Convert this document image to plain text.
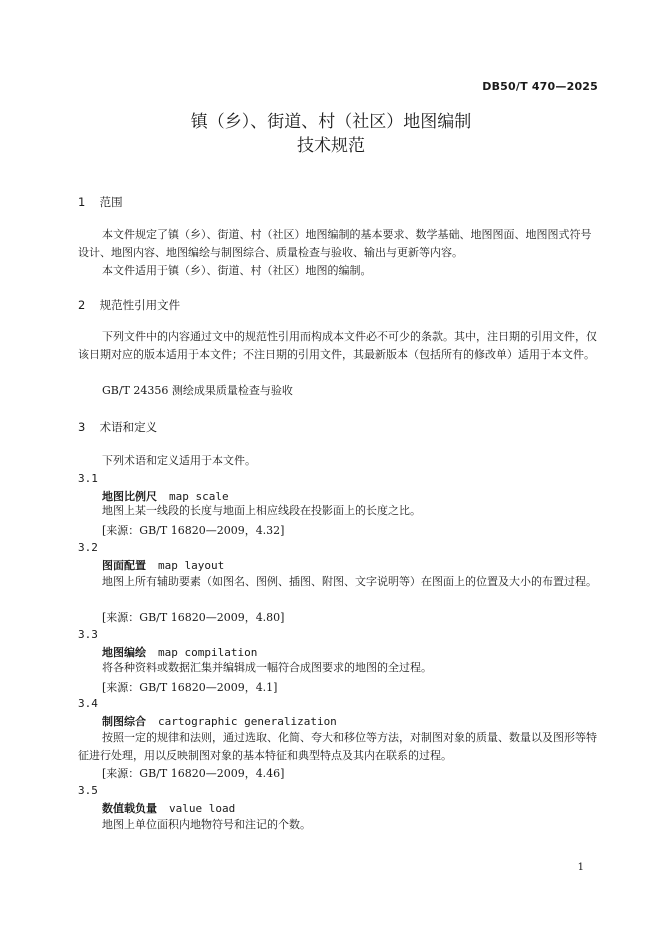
DB50/T 470—2025
镇（乡）、街道、村（社区）地图编制
技术规范
1 范围
本文件规定了镇（乡）、街道、村（社区）地图编制的基本要求、数学基础、地图图面、地图图式符号设计、地图内容、地图编绘与制图综合、质量检查与验收、输出与更新等内容。
本文件适用于镇（乡）、街道、村（社区）地图的编制。
2 规范性引用文件
下列文件中的内容通过文中的规范性引用而构成本文件必不可少的条款。其中，注日期的引用文件，仅该日期对应的版本适用于本文件；不注日期的引用文件，其最新版本（包括所有的修改单）适用于本文件。
GB/T 24356 测绘成果质量检查与验收
3 术语和定义
下列术语和定义适用于本文件。
3.1
地图比例尺 map scale
地图上某一线段的长度与地面上相应线段在投影面上的长度之比。
[来源：GB/T 16820—2009，4.32]
3.2
图面配置 map layout
地图上所有辅助要素（如图名、图例、插图、附图、文字说明等）在图面上的位置及大小的布置过程。
[来源：GB/T 16820—2009，4.80]
3.3
地图编绘 map compilation
将各种资料或数据汇集并编辑成一幅符合成图要求的地图的全过程。
[来源：GB/T 16820—2009，4.1]
3.4
制图综合 cartographic generalization
按照一定的规律和法则，通过选取、化简、夸大和移位等方法，对制图对象的质量、数量以及图形等特征进行处理，用以反映制图对象的基本特征和典型特点及其内在联系的过程。
[来源：GB/T 16820—2009，4.46]
3.5
数值载负量 value load
地图上单位面积内地物符号和注记的个数。
1
